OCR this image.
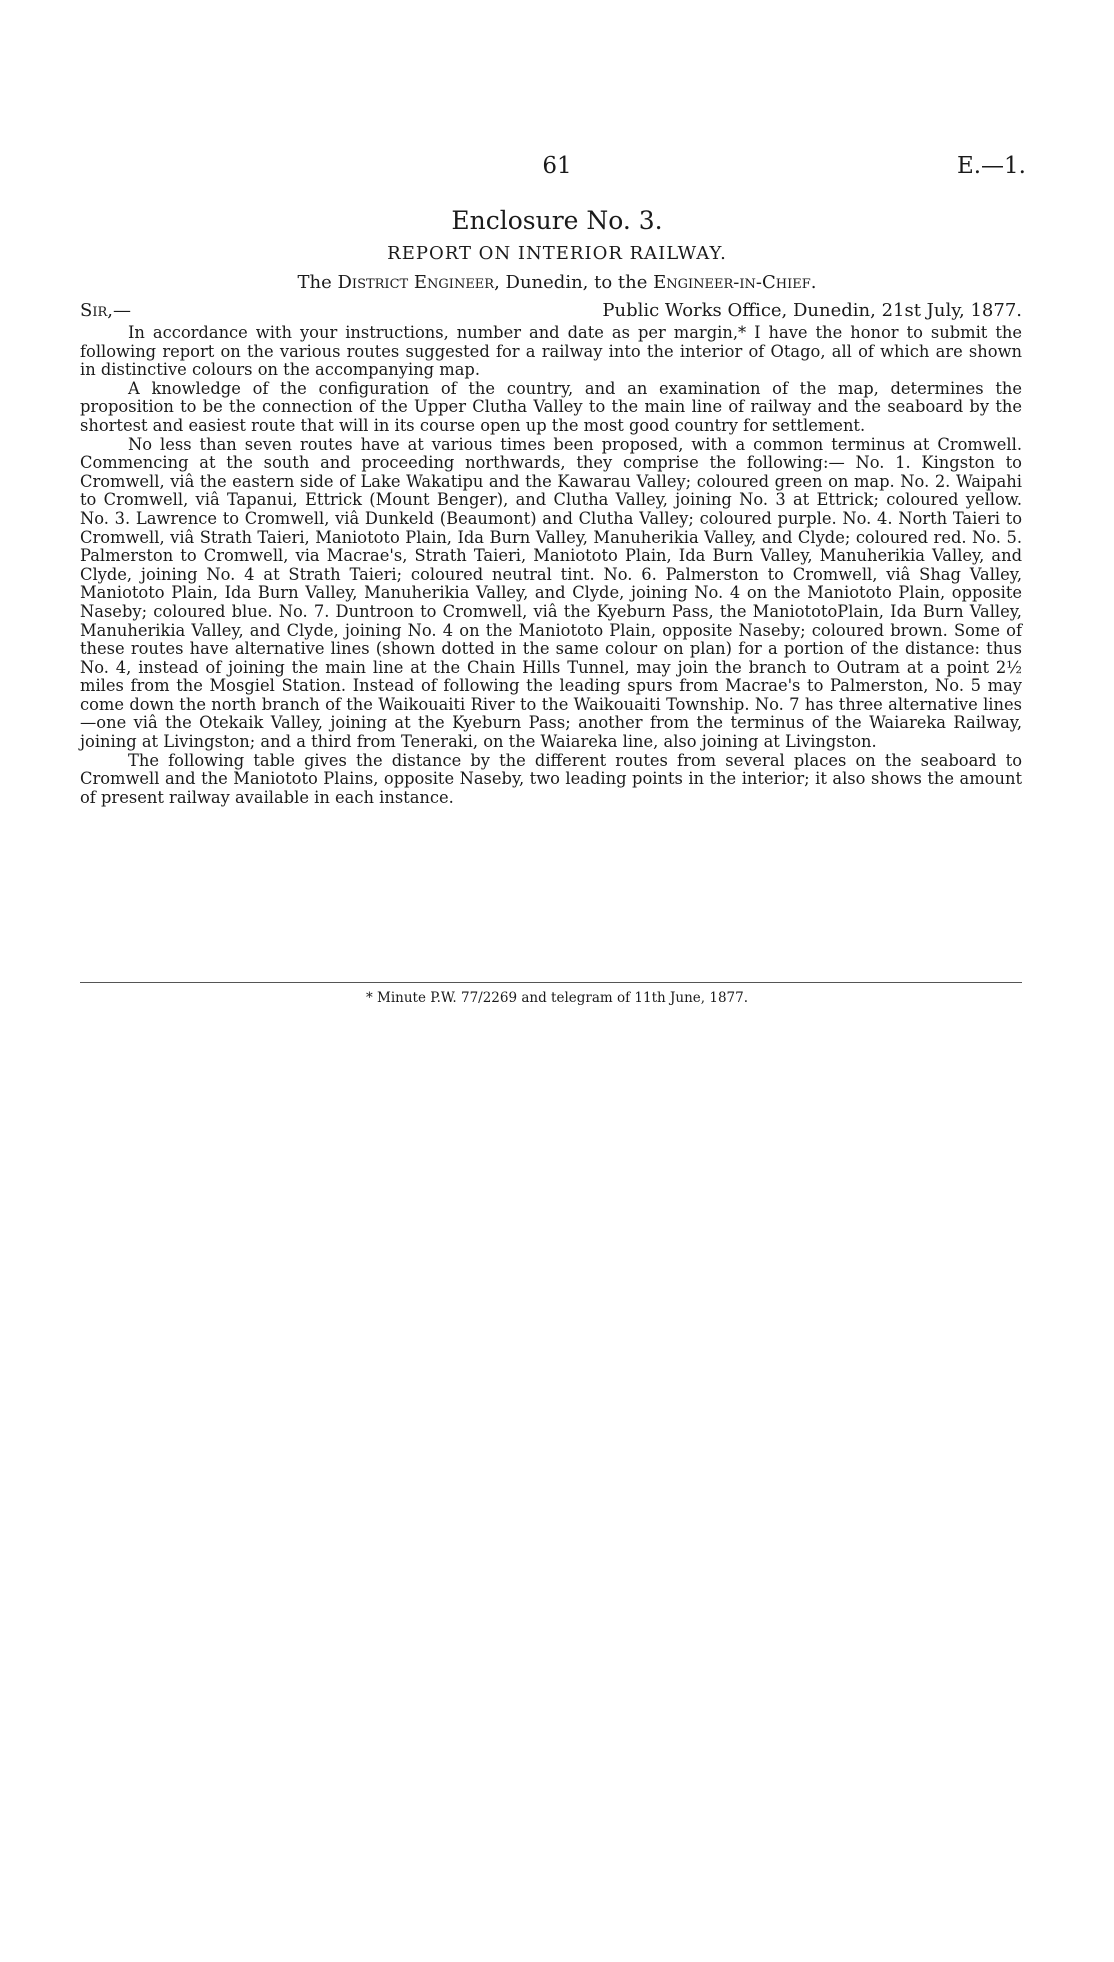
61	E.—1.
Enclosure No. 3.
REPORT ON INTERIOR RAILWAY.
The District Engineer, Dunedin, to the Engineer-in-Chief.
Sir,—	Public Works Office, Dunedin, 21st July, 1877.

In accordance with your instructions, number and date as per margin,* I have the honor to submit the following report on the various routes suggested for a railway into the interior of Otago, all of which are shown in distinctive colours on the accompanying map.

A knowledge of the configuration of the country, and an examination of the map, determines the proposition to be the connection of the Upper Clutha Valley to the main line of railway and the seaboard by the shortest and easiest route that will in its course open up the most good country for settlement.

No less than seven routes have at various times been proposed, with a common terminus at Cromwell. Commencing at the south and proceeding northwards, they comprise the following:— No. 1. Kingston to Cromwell, viâ the eastern side of Lake Wakatipu and the Kawarau Valley; coloured green on map. No. 2. Waipahi to Cromwell, viâ Tapanui, Ettrick (Mount Benger), and Clutha Valley, joining No. 3 at Ettrick; coloured yellow. No. 3. Lawrence to Cromwell, viâ Dunkeld (Beaumont) and Clutha Valley; coloured purple. No. 4. North Taieri to Cromwell, viâ Strath Taieri, Maniototo Plain, Ida Burn Valley, Manuherikia Valley, and Clyde; coloured red. No. 5. Palmerston to Cromwell, via Macrae's, Strath Taieri, Maniototo Plain, Ida Burn Valley, Manuherikia Valley, and Clyde, joining No. 4 at Strath Taieri; coloured neutral tint. No. 6. Palmerston to Cromwell, viâ Shag Valley, Maniototo Plain, Ida Burn Valley, Manuherikia Valley, and Clyde, joining No. 4 on the Maniototo Plain, opposite Naseby; coloured blue. No. 7. Duntroon to Cromwell, viâ the Kyeburn Pass, the ManiototoPlain, Ida Burn Valley, Manuherikia Valley, and Clyde, joining No. 4 on the Maniototo Plain, opposite Naseby; coloured brown. Some of these routes have alternative lines (shown dotted in the same colour on plan) for a portion of the distance: thus No. 4, instead of joining the main line at the Chain Hills Tunnel, may join the branch to Outram at a point 2½ miles from the Mosgiel Station. Instead of following the leading spurs from Macrae's to Palmerston, No. 5 may come down the north branch of the Waikouaiti River to the Waikouaiti Township. No. 7 has three alternative lines—one viâ the Otekaik Valley, joining at the Kyeburn Pass; another from the terminus of the Waiareka Railway, joining at Livingston; and a third from Teneraki, on the Waiareka line, also joining at Livingston.

The following table gives the distance by the different routes from several places on the seaboard to Cromwell and the Maniototo Plains, opposite Naseby, two leading points in the interior; it also shows the amount of present railway available in each instance.

* Minute P.W. 77/2269 and telegram of 11th June, 1877.
